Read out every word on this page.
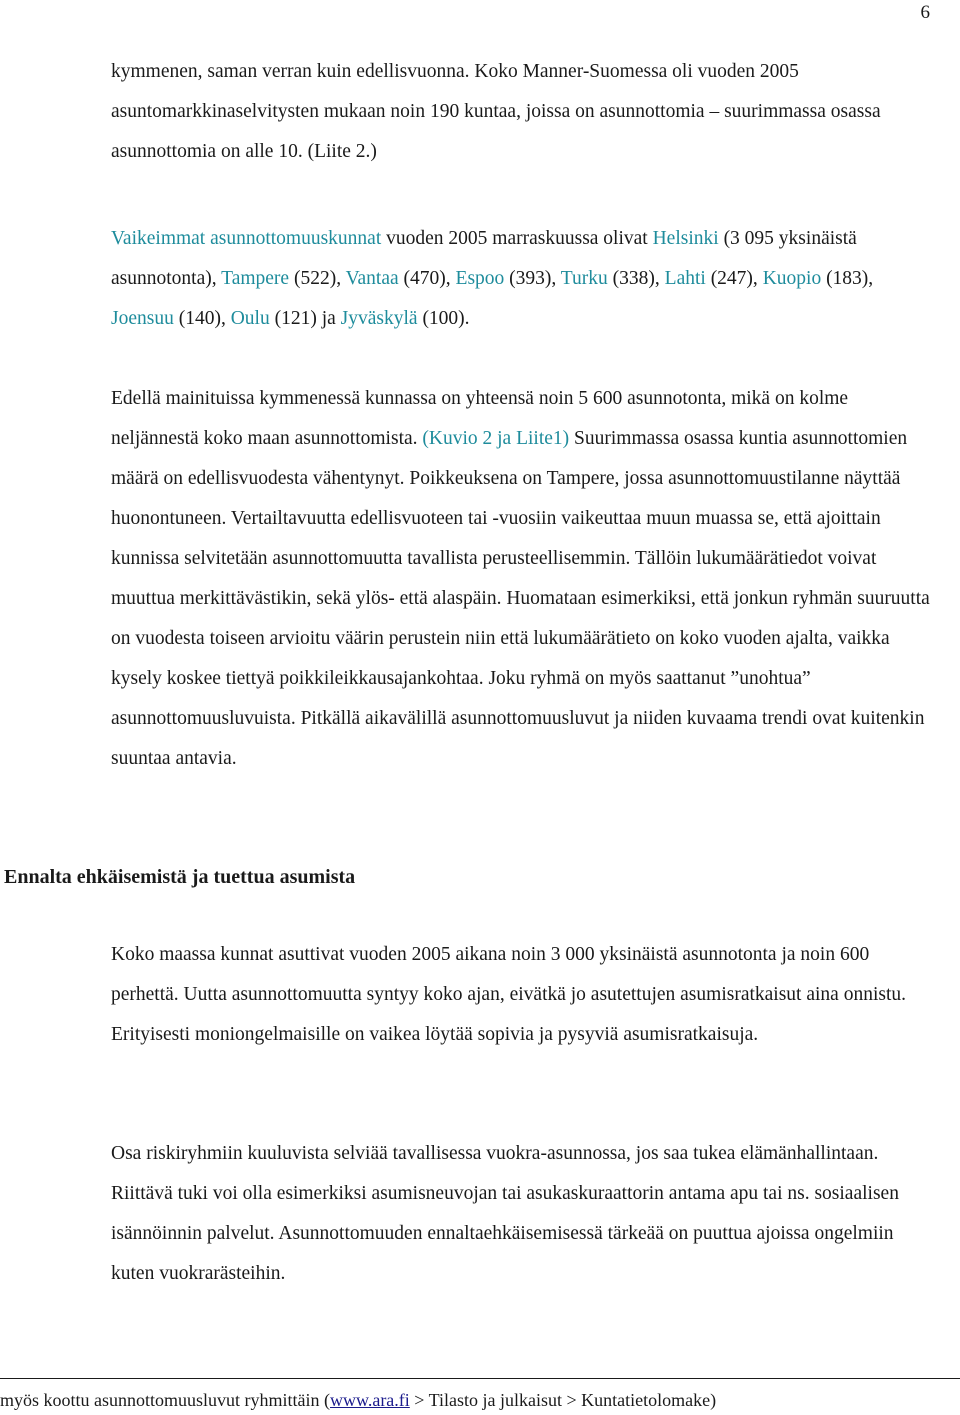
6

kymmenen, saman verran kuin edellisvuonna. Koko Manner-Suomessa oli vuoden 2005 asuntomarkkinaselvitysten mukaan noin 190 kuntaa, joissa on asunnottomia – suurimmassa osassa asunnottomia on alle 10. (Liite 2.)

Vaikeimmat asunnottomuuskunnat vuoden 2005 marraskuussa olivat Helsinki (3 095 yksinäistä asunnotonta), Tampere (522), Vantaa (470), Espoo (393), Turku (338), Lahti (247), Kuopio (183), Joensuu (140), Oulu (121) ja Jyväskylä (100).

Edellä mainituissa kymmenessä kunnassa on yhteensä noin 5 600 asunnotonta, mikä on kolme neljännestä koko maan asunnottomista. (Kuvio 2 ja Liite1) Suurimmassa osassa kuntia asunnottomien määrä on edellisvuodesta vähentynyt. Poikkeuksena on Tampere, jossa asunnottomuustilanne näyttää huonontuneen. Vertailtavuutta edellisvuoteen tai -vuosiin vaikeuttaa muun muassa se, että ajoittain kunnissa selvitetään asunnottomuutta tavallista perusteellisemmin. Tällöin lukumäärätiedot voivat muuttua merkittävästikin, sekä ylös- että alaspäin. Huomataan esimerkiksi, että jonkun ryhmän suuruutta on vuodesta toiseen arvioitu väärin perustein niin että lukumäärätieto on koko vuoden ajalta, vaikka kysely koskee tiettyä poikkileikkausajankohtaa. Joku ryhmä on myös saattanut ”unohtua” asunnottomuusluvuista. Pitkällä aikavälillä asunnottomuusluvut ja niiden kuvaama trendi ovat kuitenkin suuntaa antavia.

Ennalta ehkäisemistä ja tuettua asumista

Koko maassa kunnat asuttivat vuoden 2005 aikana noin 3 000 yksinäistä asunnotonta ja noin 600 perhettä. Uutta asunnottomuutta syntyy koko ajan, eivätkä jo asutettujen asumisratkaisut aina onnistu. Erityisesti moniongelmaisille on vaikea löytää sopivia ja pysyviä asumisratkaisuja.

Osa riskiryhmiin kuuluvista selviää tavallisessa vuokra-asunnossa, jos saa tukea elämänhallintaan. Riittävä tuki voi olla esimerkiksi asumisneuvojan tai asukaskuraattorin antama apu tai ns. sosiaalisen isännöinnin palvelut. Asunnottomuuden ennaltaehkäisemisessä tärkeää on puuttua ajoissa ongelmiin kuten vuokrarästeihin.

myös koottu asunnottomuusluvut ryhmittäin (www.ara.fi > Tilasto ja julkaisut > Kuntatietolomake)
